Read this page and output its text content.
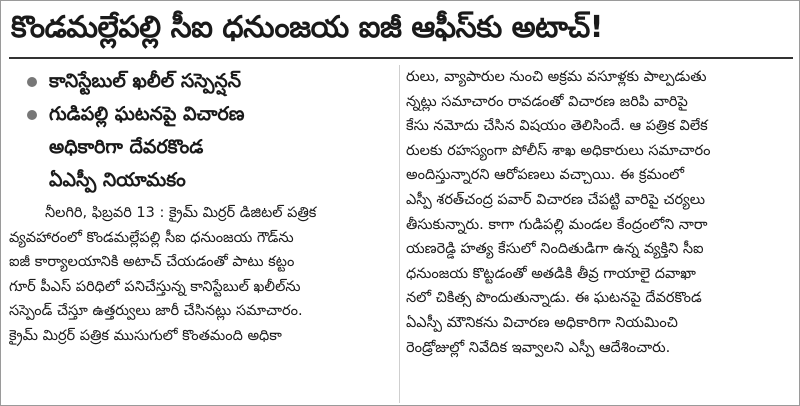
కొండమల్లేపల్లి సీఐ ధనుంజయ ఐజీ ఆఫీస్‌కు అటాచ్!
కానిస్టేబుల్ ఖలీల్ సస్పెన్షన్
గుడిపల్లి ఘటనపై విచారణ
అధికారిగా దేవరకొండ
ఏఎస్పీ నియామకం
నీలగిరి, ఫిబ్రవరి 13 : క్రైమ్ మిర్రర్ డిజిటల్ పత్రిక
వ్యవహారంలో కొండమల్లేపల్లి సీఐ ధనుంజయ గౌడ్‌ను
ఐజీ కార్యాలయానికి అటాచ్ చేయడంతో పాటు కట్టం
గూర్ పీఎస్ పరిధిలో పనిచేస్తున్న కానిస్టేబుల్ ఖలీల్‌ను
సస్పెండ్ చేస్తూ ఉత్తర్వులు జారీ చేసినట్లు సమాచారం.
క్రైమ్ మిర్రర్ పత్రిక ముసుగులో కొంతమంది అధికా
రులు, వ్యాపారుల నుంచి అక్రమ వసూళ్లకు పాల్పడుతు
న్నట్లు సమాచారం రావడంతో విచారణ జరిపి వారిపై
కేసు నమోదు చేసిన విషయం తెలిసిందే. ఆ పత్రిక విలేక
రులకు రహస్యంగా పోలీస్ శాఖ అధికారులు సమాచారం
అందిస్తున్నారని ఆరోపణలు వచ్చాయి. ఈ క్రమంలో
ఎస్పీ శరత్‌చంద్ర పవార్ విచారణ చేపట్టి వారిపై చర్యలు
తీసుకున్నారు. కాగా గుడిపల్లి మండల కేంద్రంలోని నారా
యణరెడ్డి హత్య కేసులో నిందితుడిగా ఉన్న వ్యక్తిని సీఐ
ధనుంజయ కొట్టడంతో అతడికి తీవ్ర గాయాలై దవాఖా
నలో చికిత్స పొందుతున్నాడు. ఈ ఘటనపై దేవరకొండ
ఏఎస్పీ మౌనికను విచారణ అధికారిగా నియమించి
రెండ్రోజుల్లో నివేదిక ఇవ్వాలని ఎస్పీ ఆదేశించారు.
